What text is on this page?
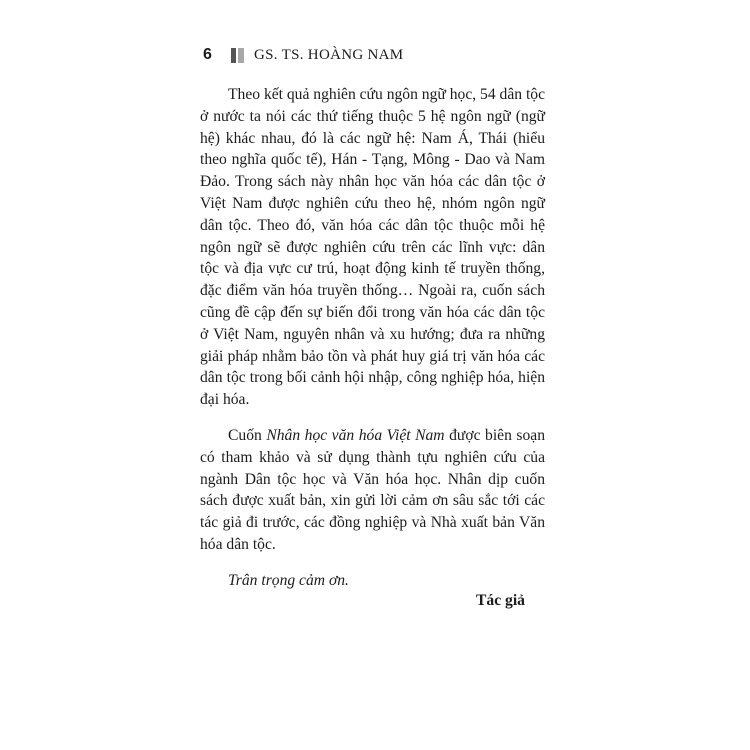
6	GS. TS. HOÀNG NAM

Theo kết quả nghiên cứu ngôn ngữ học, 54 dân tộc ở nước ta nói các thứ tiếng thuộc 5 hệ ngôn ngữ (ngữ hệ) khác nhau, đó là các ngữ hệ: Nam Á, Thái (hiểu theo nghĩa quốc tế), Hán - Tạng, Mông - Dao và Nam Đảo. Trong sách này nhân học văn hóa các dân tộc ở Việt Nam được nghiên cứu theo hệ, nhóm ngôn ngữ dân tộc. Theo đó, văn hóa các dân tộc thuộc mỗi hệ ngôn ngữ sẽ được nghiên cứu trên các lĩnh vực: dân tộc và địa vực cư trú, hoạt động kinh tế truyền thống, đặc điểm văn hóa truyền thống… Ngoài ra, cuốn sách cũng đề cập đến sự biến đổi trong văn hóa các dân tộc ở Việt Nam, nguyên nhân và xu hướng; đưa ra những giải pháp nhằm bảo tồn và phát huy giá trị văn hóa các dân tộc trong bối cảnh hội nhập, công nghiệp hóa, hiện đại hóa.

Cuốn Nhân học văn hóa Việt Nam được biên soạn có tham khảo và sử dụng thành tựu nghiên cứu của ngành Dân tộc học và Văn hóa học. Nhân dịp cuốn sách được xuất bản, xin gửi lời cảm ơn sâu sắc tới các tác giả đi trước, các đồng nghiệp và Nhà xuất bản Văn hóa dân tộc.

Trân trọng cảm ơn.

Tác giả
